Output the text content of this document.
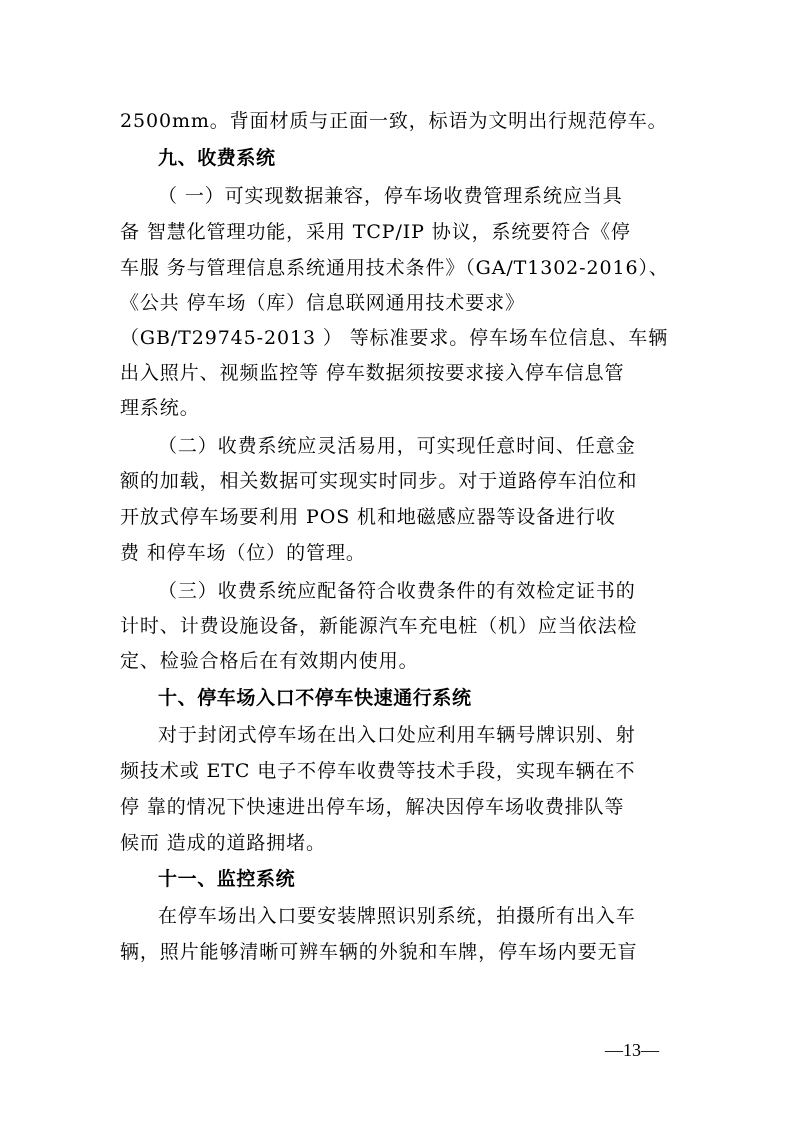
2500mm。背面材质与正面一致，标语为文明出行规范停车。
九、收费系统
（ 一）可实现数据兼容，停车场收费管理系统应当具
备 智慧化管理功能，采用 TCP/IP 协议，系统要符合《停
车服 务与管理信息系统通用技术条件》（GA/T1302-2016）、
《公共 停车场（库）信息联网通用技术要求》
（GB/T29745-2013 ） 等标准要求。停车场车位信息、车辆
出入照片、视频监控等 停车数据须按要求接入停车信息管
理系统。
（二）收费系统应灵活易用，可实现任意时间、任意金
额的加载，相关数据可实现实时同步。对于道路停车泊位和
开放式停车场要利用 POS 机和地磁感应器等设备进行收
费 和停车场（位）的管理。
（三）收费系统应配备符合收费条件的有效检定证书的
计时、计费设施设备，新能源汽车充电桩（机）应当依法检
定、检验合格后在有效期内使用。
十、停车场入口不停车快速通行系统
对于封闭式停车场在出入口处应利用车辆号牌识别、射
频技术或 ETC 电子不停车收费等技术手段，实现车辆在不
停 靠的情况下快速进出停车场，解决因停车场收费排队等
候而 造成的道路拥堵。
十一、监控系统
在停车场出入口要安装牌照识别系统，拍摄所有出入车
辆，照片能够清晰可辨车辆的外貌和车牌，停车场内要无盲
—13—
